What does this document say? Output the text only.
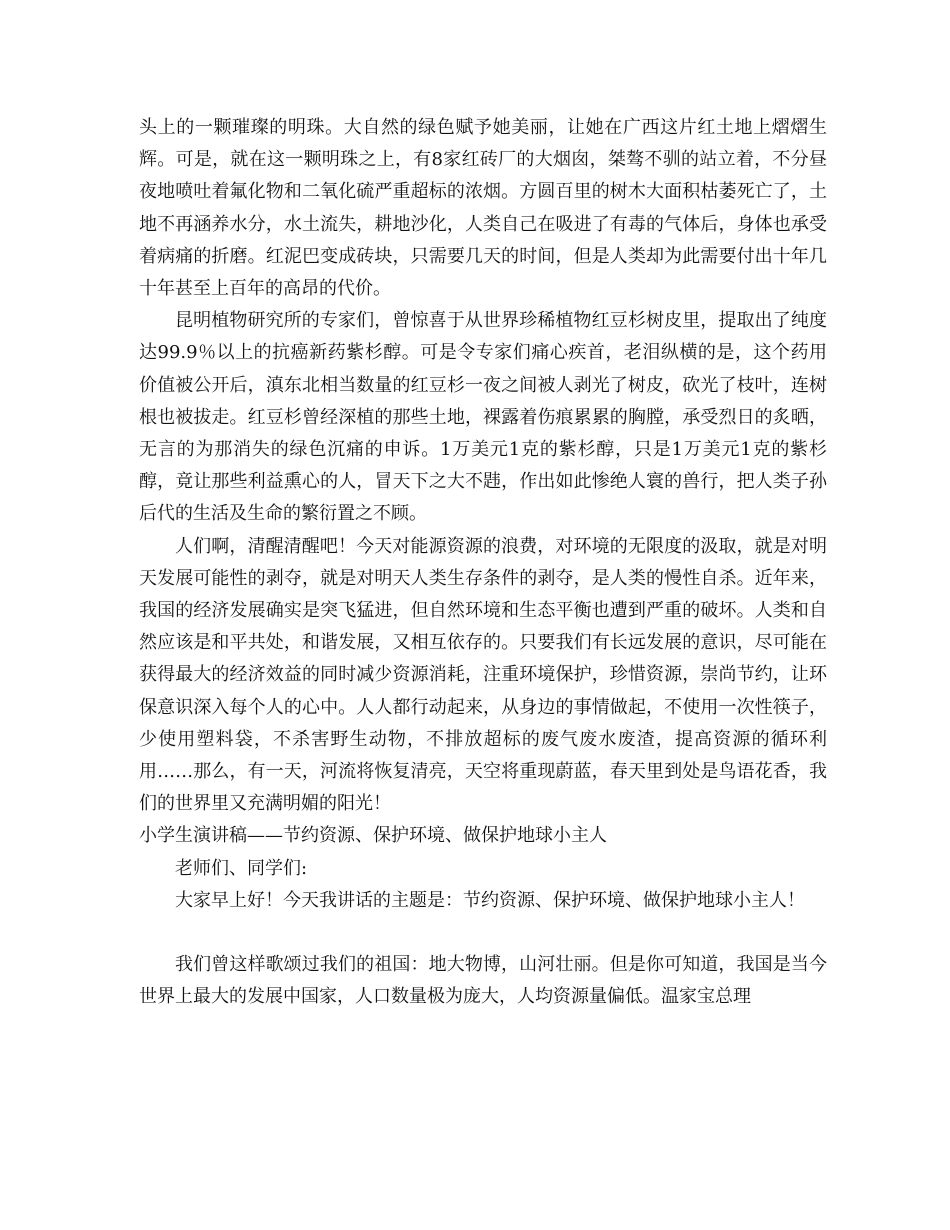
头上的一颗璀璨的明珠。大自然的绿色赋予她美丽，让她在广西这片红土地上熠熠生辉。可是，就在这一颗明珠之上，有8家红砖厂的大烟囱，桀骜不驯的站立着，不分昼夜地喷吐着氟化物和二氧化硫严重超标的浓烟。方圆百里的树木大面积枯萎死亡了，土地不再涵养水分，水土流失，耕地沙化，人类自己在吸进了有毒的气体后，身体也承受着病痛的折磨。红泥巴变成砖块，只需要几天的时间，但是人类却为此需要付出十年几十年甚至上百年的高昂的代价。

昆明植物研究所的专家们，曾惊喜于从世界珍稀植物红豆杉树皮里，提取出了纯度达99.9％以上的抗癌新药紫杉醇。可是令专家们痛心疾首，老泪纵横的是，这个药用价值被公开后，滇东北相当数量的红豆杉一夜之间被人剥光了树皮，砍光了枝叶，连树根也被拔走。红豆杉曾经深植的那些土地，裸露着伤痕累累的胸膛，承受烈日的炙晒，无言的为那消失的绿色沉痛的申诉。1万美元1克的紫杉醇，只是1万美元1克的紫杉醇，竟让那些利益熏心的人，冒天下之大不韪，作出如此惨绝人寰的兽行，把人类子孙后代的生活及生命的繁衍置之不顾。

人们啊，清醒清醒吧！今天对能源资源的浪费，对环境的无限度的汲取，就是对明天发展可能性的剥夺，就是对明天人类生存条件的剥夺，是人类的慢性自杀。近年来，我国的经济发展确实是突飞猛进，但自然环境和生态平衡也遭到严重的破坏。人类和自然应该是和平共处，和谐发展，又相互依存的。只要我们有长远发展的意识，尽可能在获得最大的经济效益的同时减少资源消耗，注重环境保护，珍惜资源，崇尚节约，让环保意识深入每个人的心中。人人都行动起来，从身边的事情做起，不使用一次性筷子，少使用塑料袋，不杀害野生动物，不排放超标的废气废水废渣，提高资源的循环利用……那么，有一天，河流将恢复清亮，天空将重现蔚蓝，春天里到处是鸟语花香，我们的世界里又充满明媚的阳光！

小学生演讲稿——节约资源、保护环境、做保护地球小主人

老师们、同学们:

大家早上好！今天我讲话的主题是：节约资源、保护环境、做保护地球小主人！

我们曾这样歌颂过我们的祖国：地大物博，山河壮丽。但是你可知道，我国是当今世界上最大的发展中国家，人口数量极为庞大，人均资源量偏低。温家宝总理
